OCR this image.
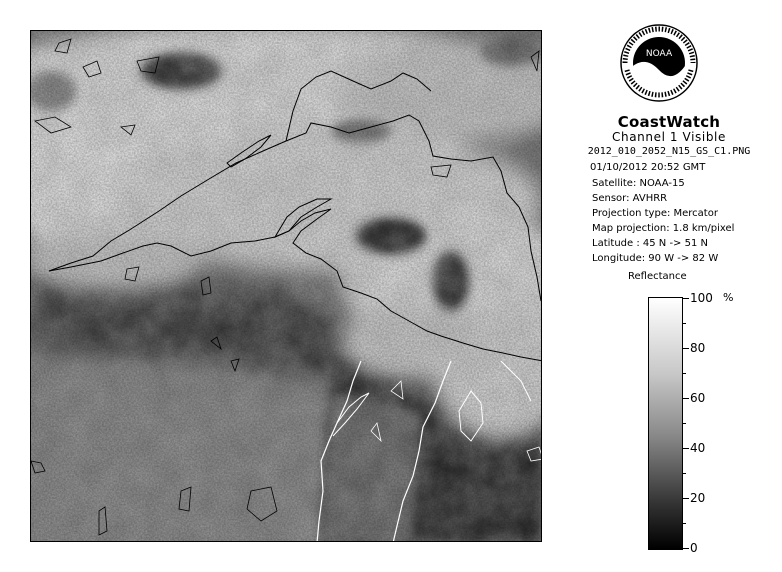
NOAA
CoastWatch
Channel 1 Visible
2012_010_2052_N15_GS_C1.PNG
01/10/2012 20:52 GMT
Satellite: NOAA-15
Sensor: AVHRR
Projection type: Mercator
Map projection: 1.8 km/pixel
Latitude : 45 N -> 51 N
Longitude: 90 W -> 82 W
Reflectance
%
100
80
60
40
20
0
